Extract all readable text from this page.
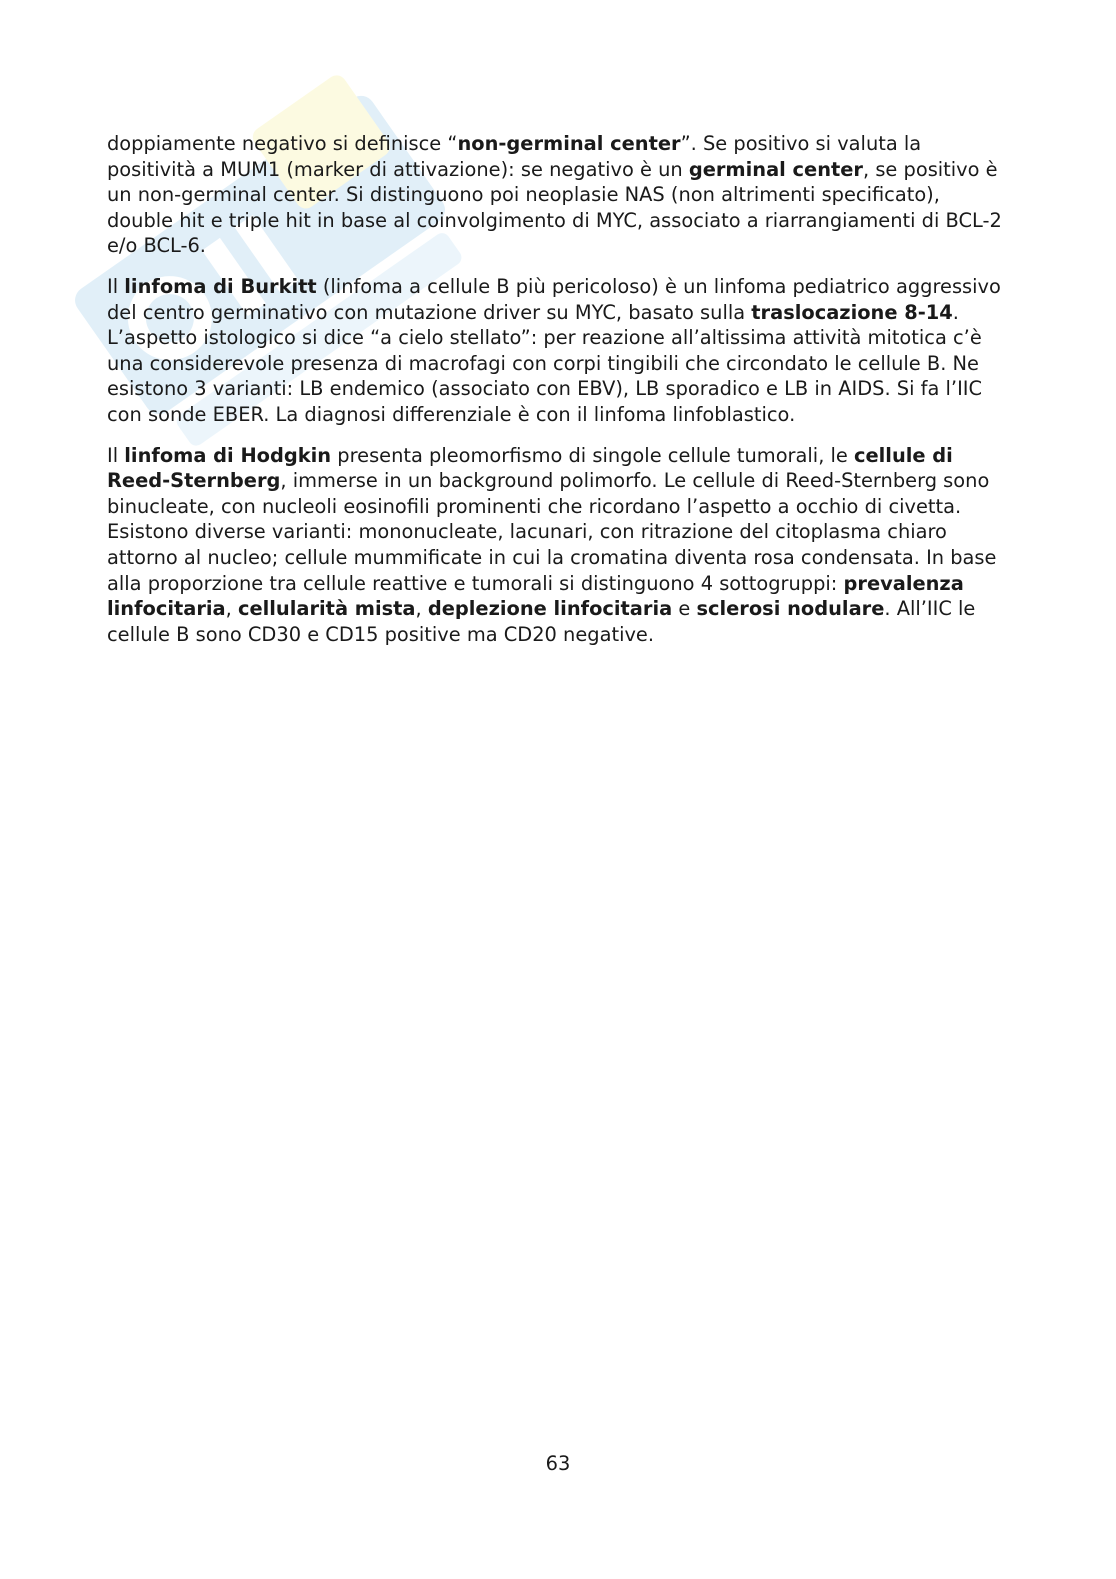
doppiamente negativo si definisce “non-germinal center”. Se positivo si valuta la positività a MUM1 (marker di attivazione): se negativo è un germinal center, se positivo è un non-germinal center. Si distinguono poi neoplasie NAS (non altrimenti specificato), double hit e triple hit in base al coinvolgimento di MYC, associato a riarrangiamenti di BCL-2 e/o BCL-6.

Il linfoma di Burkitt (linfoma a cellule B più pericoloso) è un linfoma pediatrico aggressivo del centro germinativo con mutazione driver su MYC, basato sulla traslocazione 8-14. L’aspetto istologico si dice “a cielo stellato”: per reazione all’altissima attività mitotica c’è una considerevole presenza di macrofagi con corpi tingibili che circondato le cellule B. Ne esistono 3 varianti: LB endemico (associato con EBV), LB sporadico e LB in AIDS. Si fa l’IIC con sonde EBER. La diagnosi differenziale è con il linfoma linfoblastico.

Il linfoma di Hodgkin presenta pleomorfismo di singole cellule tumorali, le cellule di Reed-Sternberg, immerse in un background polimorfo. Le cellule di Reed-Sternberg sono binucleate, con nucleoli eosinofili prominenti che ricordano l’aspetto a occhio di civetta. Esistono diverse varianti: mononucleate, lacunari, con ritrazione del citoplasma chiaro attorno al nucleo; cellule mummificate in cui la cromatina diventa rosa condensata. In base alla proporzione tra cellule reattive e tumorali si distinguono 4 sottogruppi: prevalenza linfocitaria, cellularità mista, deplezione linfocitaria e sclerosi nodulare. All’IIC le cellule B sono CD30 e CD15 positive ma CD20 negative.

63
